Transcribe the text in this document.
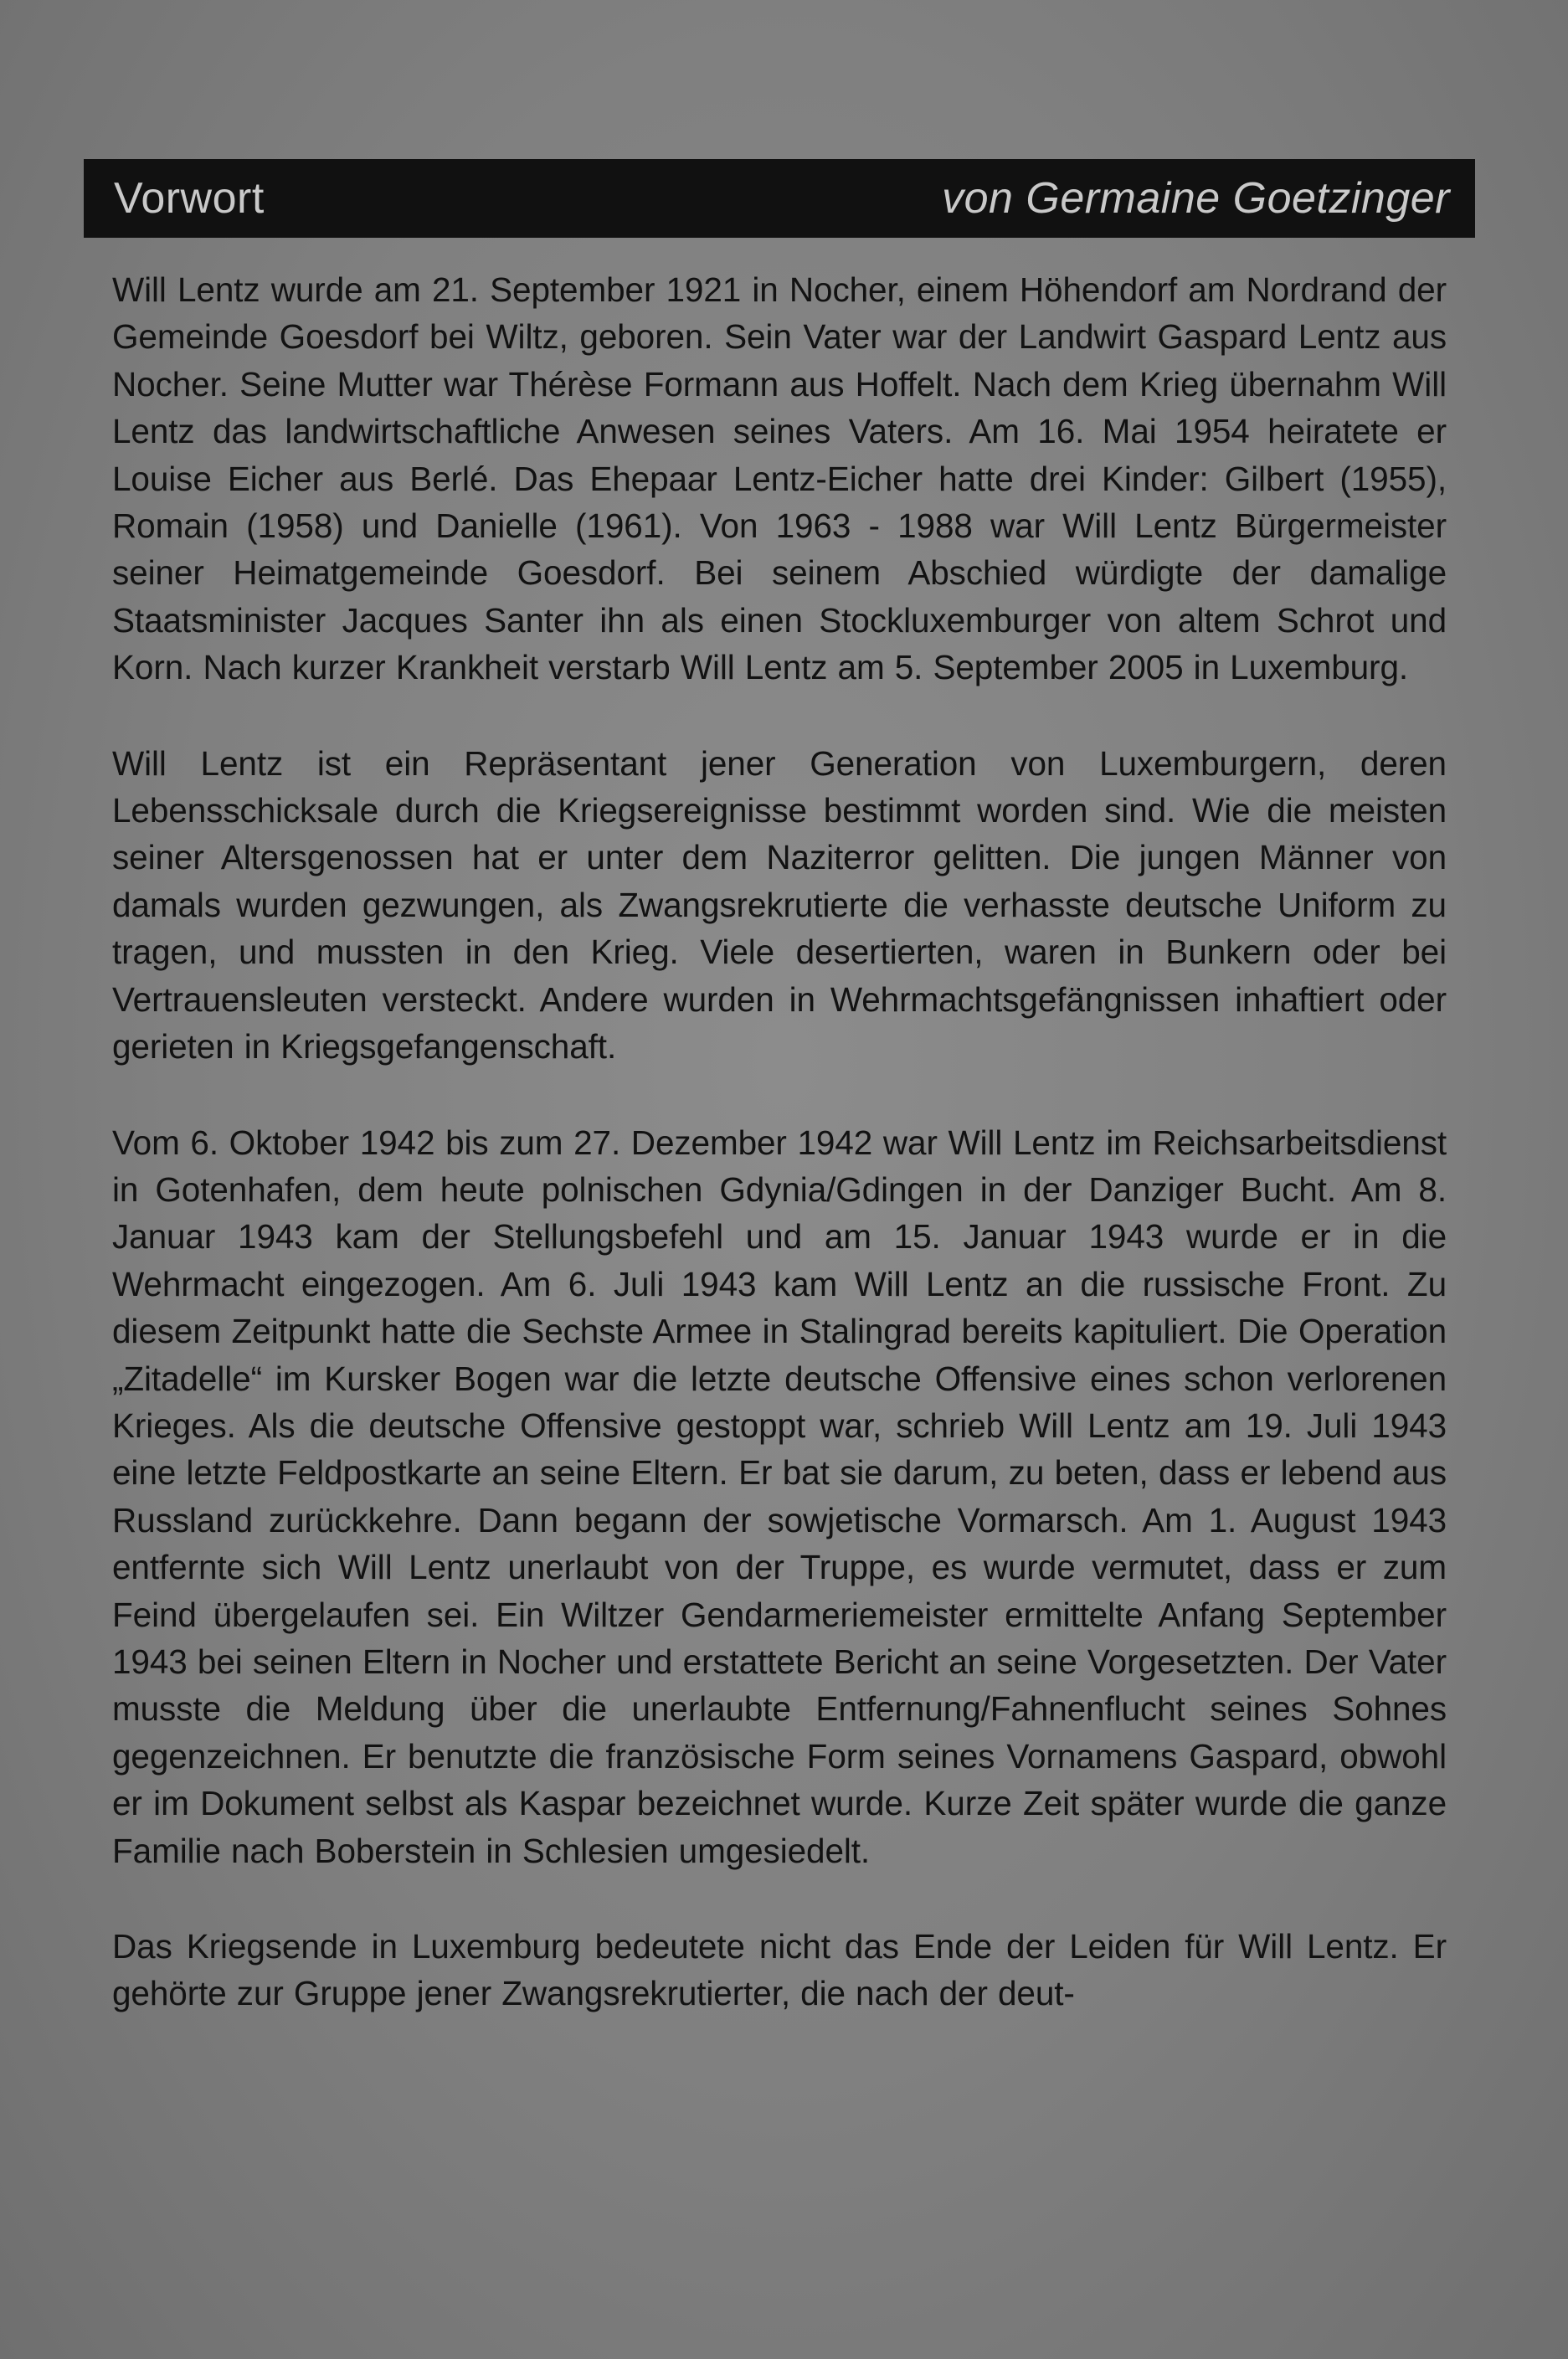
Vorwort	von Germaine Goetzinger

Will Lentz wurde am 21. September 1921 in Nocher, einem Höhendorf am Nordrand der Gemeinde Goesdorf bei Wiltz, geboren. Sein Vater war der Landwirt Gaspard Lentz aus Nocher. Seine Mutter war Thérèse Formann aus Hoffelt. Nach dem Krieg übernahm Will Lentz das landwirtschaftliche Anwesen seines Vaters. Am 16. Mai 1954 heiratete er Louise Eicher aus Berlé. Das Ehepaar Lentz-Eicher hatte drei Kinder: Gilbert (1955), Romain (1958) und Danielle (1961). Von 1963 - 1988 war Will Lentz Bürgermeister seiner Heimatgemeinde Goesdorf. Bei seinem Abschied würdigte der damalige Staatsminister Jacques Santer ihn als einen Stockluxemburger von altem Schrot und Korn. Nach kurzer Krankheit verstarb Will Lentz am 5. September 2005 in Luxemburg.

Will Lentz ist ein Repräsentant jener Generation von Luxemburgern, deren Lebensschicksale durch die Kriegsereignisse bestimmt worden sind. Wie die meisten seiner Altersgenossen hat er unter dem Naziterror gelitten. Die jungen Männer von damals wurden gezwungen, als Zwangsrekrutierte die verhasste deutsche Uniform zu tragen, und mussten in den Krieg. Viele desertierten, waren in Bunkern oder bei Vertrauensleuten versteckt. Andere wurden in Wehrmachtsgefängnissen inhaftiert oder gerieten in Kriegsgefangenschaft.

Vom 6. Oktober 1942 bis zum 27. Dezember 1942 war Will Lentz im Reichsarbeitsdienst in Gotenhafen, dem heute polnischen Gdynia/Gdingen in der Danziger Bucht. Am 8. Januar 1943 kam der Stellungsbefehl und am 15. Januar 1943 wurde er in die Wehrmacht eingezogen. Am 6. Juli 1943 kam Will Lentz an die russische Front. Zu diesem Zeitpunkt hatte die Sechste Armee in Stalingrad bereits kapituliert. Die Operation „Zitadelle“ im Kursker Bogen war die letzte deutsche Offensive eines schon verlorenen Krieges. Als die deutsche Offensive gestoppt war, schrieb Will Lentz am 19. Juli 1943 eine letzte Feldpostkarte an seine Eltern. Er bat sie darum, zu beten, dass er lebend aus Russland zurückkehre. Dann begann der sowjetische Vormarsch. Am 1. August 1943 entfernte sich Will Lentz unerlaubt von der Truppe, es wurde vermutet, dass er zum Feind übergelaufen sei. Ein Wiltzer Gendarmeriemeister ermittelte Anfang September 1943 bei seinen Eltern in Nocher und erstattete Bericht an seine Vorgesetzten. Der Vater musste die Meldung über die unerlaubte Entfernung/Fahnenflucht seines Sohnes gegenzeichnen. Er benutzte die französische Form seines Vornamens Gaspard, obwohl er im Dokument selbst als Kaspar bezeichnet wurde. Kurze Zeit später wurde die ganze Familie nach Boberstein in Schlesien umgesiedelt.

Das Kriegsende in Luxemburg bedeutete nicht das Ende der Leiden für Will Lentz. Er gehörte zur Gruppe jener Zwangsrekrutierter, die nach der deut-
